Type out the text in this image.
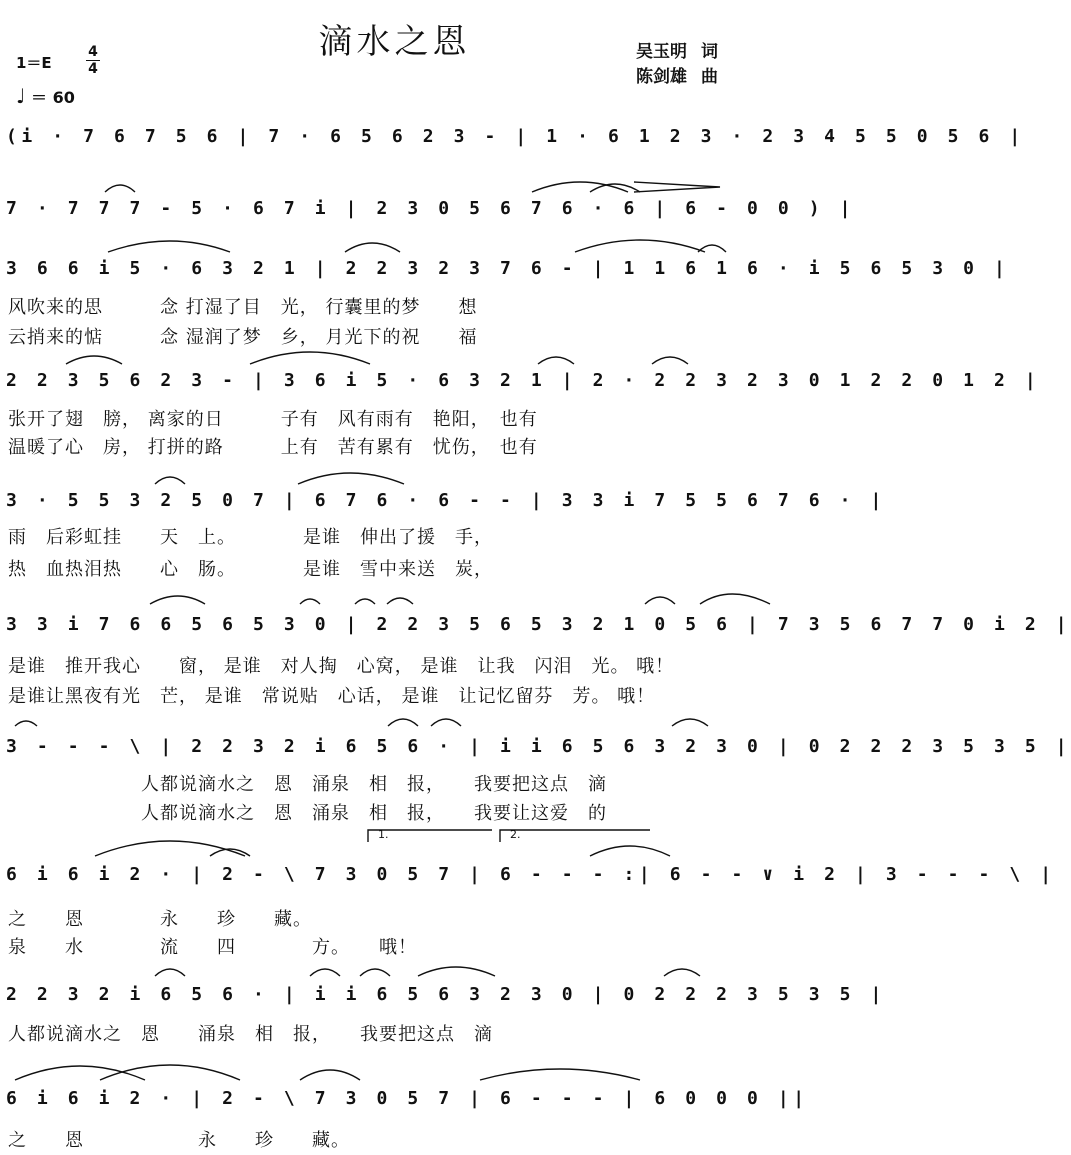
滴水之恩	吴玉明 词
陈剑雄 曲
$1=E \frac{4}{4}$
♩ ＝ 60
(i · 7 6 7 5 6 | 7 · 6 5 6 2 3 - | 1 · 6 1 2 3 · 2 3 4 5 5 0 5 6 |
7 · 7 7 7 - 5 · 6 7 i | 2 3 0 5 6 7 6 · 6 | 6 - 0 0 ) |
3 6 6 i 5 · 6 3 2 1 | 2 2 3 2 3 7 6 - | 1 1 6 1 6 · i 5 6 5 3 0 |
风吹来的思　　　念 打湿了目　光， 行囊里的梦　　想
云捎来的惦　　　念 湿润了梦　乡， 月光下的祝　　福
2 2 3 5 6 2 3 - | 3 6 i 5 · 6 3 2 1 | 2 · 2 2 3 2 3 0 1 2 2 0 1 2 |
张开了翅　膀， 离家的日　　　子有　风有雨有　艳阳，　也有
温暖了心　房， 打拼的路　　　上有　苦有累有　忧伤，　也有
3 · 5 5 3 2 5 0 7 | 6 7 6 · 6 - - | 3 3 i 7 5 5 6 7 6 · |
雨　后彩虹挂　　天　上。　　　　是谁　伸出了援　手，
热　血热泪热　　心　肠。　　　　是谁　雪中来送　炭，
3 3 i 7 6 6 5 6 5 3 0 | 2 2 3 5 6 5 3 2 1 0 5 6 | 7 3 5 6 7 7 0 i 2 |
是谁　推开我心　　窗， 是谁　对人掏　心窝， 是谁　让我　闪泪　光。 哦！
是谁让黑夜有光　芒， 是谁　常说贴　心话， 是谁　让记忆留芬　芳。 哦！
3 - - - \ | 2 2 3 2 i 6 5 6 · | i i 6 5 6 3 2 3 0 | 0 2 2 2 3 5 3 5 |
　　　　　　　人都说滴水之　恩　涌泉　相　报，　　我要把这点　滴
　　　　　　　人都说滴水之　恩　涌泉　相　报，　　我要让这爱　的
1.	2.
6 i 6 i 2 · | 2 - \ 7 3 0 5 7 | 6 - - - :| 6 - - ∨ i 2 | 3 - - - \ |
之　　恩　　　　永　　珍　　藏。
泉　　水　　　　流　　四　　　　方。　　哦！
2 2 3 2 i 6 5 6 · | i i 6 5 6 3 2 3 0 | 0 2 2 2 3 5 3 5 |
人都说滴水之　恩　　涌泉　相　报，　　我要把这点　滴
6 i 6 i 2 · | 2 - \ 7 3 0 5 7 | 6 - - - | 6 0 0 0 ||
之　　恩　　　　　　永　　珍　　藏。
